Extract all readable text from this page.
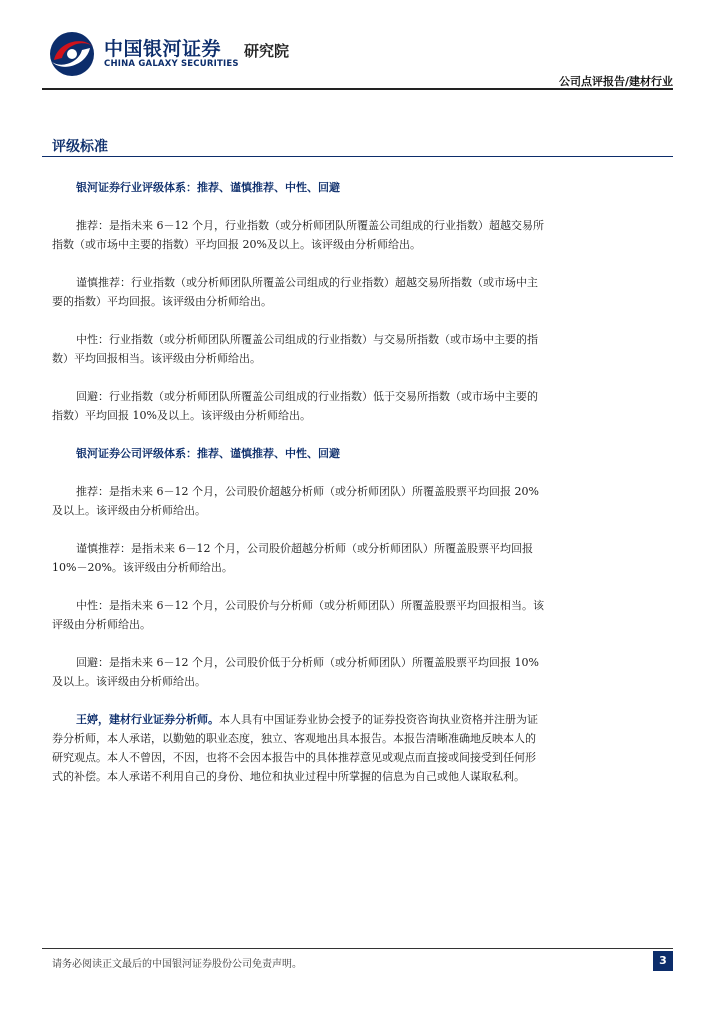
中国银河证券
CHINA GALAXY SECURITIES
研究院
公司点评报告/建材行业
评级标准

银河证券行业评级体系：推荐、谨慎推荐、中性、回避

推荐：是指未来 6－12 个月，行业指数（或分析师团队所覆盖公司组成的行业指数）超越交易所指数（或市场中主要的指数）平均回报 20%及以上。该评级由分析师给出。

谨慎推荐：行业指数（或分析师团队所覆盖公司组成的行业指数）超越交易所指数（或市场中主要的指数）平均回报。该评级由分析师给出。

中性：行业指数（或分析师团队所覆盖公司组成的行业指数）与交易所指数（或市场中主要的指数）平均回报相当。该评级由分析师给出。

回避：行业指数（或分析师团队所覆盖公司组成的行业指数）低于交易所指数（或市场中主要的指数）平均回报 10%及以上。该评级由分析师给出。

银河证券公司评级体系：推荐、谨慎推荐、中性、回避

推荐：是指未来 6－12 个月，公司股价超越分析师（或分析师团队）所覆盖股票平均回报 20%及以上。该评级由分析师给出。

谨慎推荐：是指未来 6－12 个月，公司股价超越分析师（或分析师团队）所覆盖股票平均回报 10%－20%。该评级由分析师给出。

中性：是指未来 6－12 个月，公司股价与分析师（或分析师团队）所覆盖股票平均回报相当。该评级由分析师给出。

回避：是指未来 6－12 个月，公司股价低于分析师（或分析师团队）所覆盖股票平均回报 10%及以上。该评级由分析师给出。

王婷，建材行业证券分析师。本人具有中国证券业协会授予的证券投资咨询执业资格并注册为证券分析师，本人承诺，以勤勉的职业态度，独立、客观地出具本报告。本报告清晰准确地反映本人的研究观点。本人不曾因，不因，也将不会因本报告中的具体推荐意见或观点而直接或间接受到任何形式的补偿。本人承诺不利用自己的身份、地位和执业过程中所掌握的信息为自己或他人谋取私利。

请务必阅读正文最后的中国银河证券股份公司免责声明。	3
